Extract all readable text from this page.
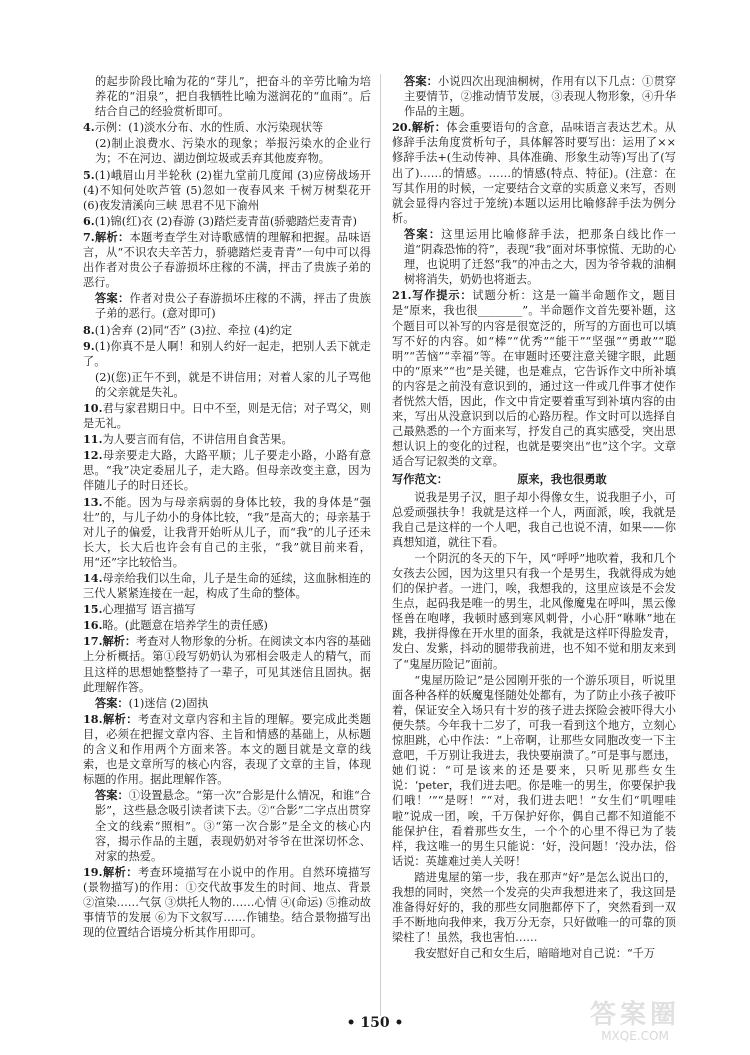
的起步阶段比喻为花的“芽儿”，把奋斗的辛劳比喻为培养花的“泪泉”，把自我牺牲比喻为滋润花的“血雨”。后结合自己的经验赏析即可。
4.示例：(1)淡水分布、水的性质、水污染现状等
(2)制止浪费水、污染水的现象；举报污染水的企业行为；不在河边、湖边倒垃圾或丢弃其他废弃物。
5.(1)峨眉山月半轮秋 (2)崔九堂前几度闻 (3)应傍战场开 (4)不知何处吹芦管 (5)忽如一夜春风来 千树万树梨花开 (6)夜发清溪向三峡 思君不见下渝州
6.(1)锦(红)衣 (2)春游 (3)踏烂麦青苗(骄骢踏烂麦青青)
7.解析：本题考查学生对诗歌感情的理解和把握。品味语言，从“不识农夫辛苦力，骄骢踏烂麦青青”一句中可以得出作者对贵公子春游损坏庄稼的不满，抨击了贵族子弟的恶行。
答案：作者对贵公子春游损坏庄稼的不满，抨击了贵族子弟的恶行。(意对即可)
8.(1)舍弃 (2)同“否” (3)拉、牵拉 (4)约定
9.(1)你真不是人啊！和别人约好一起走，把别人丢下就走了。
(2)(您)正午不到，就是不讲信用；对着人家的儿子骂他的父亲就是失礼。
10.君与家君期日中。日中不至，则是无信；对子骂父，则是无礼。
11.为人要言而有信，不讲信用自食苦果。
12.母亲要走大路，大路平顺；儿子要走小路，小路有意思。“我”决定委屈儿子，走大路。但母亲改变主意，因为伴随儿子的时日还长。
13.不能。因为与母亲病弱的身体比较，我的身体是“强壮”的，与儿子幼小的身体比较，“我”是高大的；母亲基于对儿子的偏爱，让我背开始听从儿子，而“我”的儿子还未长大，长大后也许会有自己的主张，“我”就目前来看，用“还”字比较恰当。
14.母亲给我们以生命，儿子是生命的延续，这血脉相连的三代人紧紧连接在一起，构成了生命的整体。
15.心理描写 语言描写
16.略。(此题意在培养学生的责任感)
17.解析：考查对人物形象的分析。在阅读文本内容的基础上分析概括。第①段写奶奶认为邪相会吸走人的精气，而且这样的思想她整整持了一辈子，可见其迷信且固执。据此理解作答。
答案：(1)迷信 (2)固执
18.解析：考查对文章内容和主旨的理解。要完成此类题目，必须在把握文章内容、主旨和情感的基础上，从标题的含义和作用两个方面来答。本文的题目就是文章的线索，也是文章所写的核心内容，表现了文章的主旨，体现标题的作用。据此理解作答。
答案：①设置悬念。“第一次”合影是什么情况，和谁“合影”，这些悬念吸引读者读下去。②“合影”二字点出贯穿全文的线索“照相”。③“第一次合影”是全文的核心内容，揭示作品的主题，表现奶奶对爷爷在世深切怀念、对家的热爱。
19.解析：考查环境描写在小说中的作用。自然环境描写(景物描写)的作用：①交代故事发生的时间、地点、背景 ②渲染……气氛 ③烘托人物的……心情 ④(命运) ⑤推动故事情节的发展 ⑥为下文叙写……作铺垫。结合景物描写出现的位置结合语境分析其作用即可。
答案：小说四次出现油桐树，作用有以下几点：①贯穿主要情节，②推动情节发展，③表现人物形象，④升华作品的主题。
20.解析：体会重要语句的含意，品味语言表达艺术。从修辞手法角度赏析句子，具体解答时要写出：运用了××修辞手法+(生动传神、具体准确、形象生动等)写出了(写出了)……的情感。……的情感(特点、特征)。(注意：在写其作用的时候，一定要结合文章的实质意义来写，否则就会显得内容过于笼统)本题以运用比喻修辞手法为例分析。
答案：这里运用比喻修辞手法，把那条白线比作一道“阴森恐怖的符”，表现“我”面对坏事惊慌、无助的心理，也说明了迁怒“我”的冲击之大，因为爷爷栽的油桐树将消失，奶奶也将逝去。
21.写作提示：试题分析：这是一篇半命题作文，题目是“原来，我也很________”。半命题作文首先要补题，这个题目可以补写的内容是很宽泛的，所写的方面也可以填写不好的内容。如“棒”“优秀”“能干”“坚强”“勇敢”“聪明”“苦恼”“幸福”等。在审题时还要注意关键字眼，此题中的“原来”“也”是关键，也是难点，它告诉作文中所补填的内容是之前没有意识到的，通过这一件或几件事才使作者恍然大悟，因此，作文中肯定要着重写到补填内容的由来，写出从没意识到以后的心路历程。作文时可以选择自己最熟悉的一个方面来写，抒发自己的真实感受，突出思想认识上的变化的过程，也就是要突出“也”这个字。文章适合写记叙类的文章。
写作范文：	原来，我也很勇敢

说我是男子汉，胆子却小得像女生，说我胆子小，可总爱顽强扶争！我就是这样一个人，两面派，唉，我就是我自己是这样的一个人吧，我自己也说不清，如果——你真想知道，就往下看。

一个阴沉的冬天的下午，风“呼呼”地吹着，我和几个女孩去公园，因为这里只有我一个是男生，我就得成为她们的保护者。一进门，唉，我想我的，这里应该是不会发生点，起码我是唯一的男生，北风像魔鬼在呼叫，黑云像怪兽在咆哮，我顿时感到寒风刺骨，小心肝“咻咻”地在跳，我拼得像在开水里的面条，我就是这样吓得脸发青，发白、发紫，抖动的腿带我前进，也不知不觉和朋友来到了“鬼屋历险记”面前。

“鬼屋历险记”是公园刚开张的一个游乐项目，听说里面各种各样的妖魔鬼怪随处处都有，为了防止小孩子被吓着，保证安全入场只有十岁的孩子进去探险会被吓得大小便失禁。今年我十二岁了，可我一看到这个地方，立刻心惊胆跳，心中作法：“上帝啊，让那些女同胞改变一下主意吧，千万别让我进去，我快要崩溃了。”可是事与愿违，她们说：“可是该来的还是要来，只听见那些女生说：‘peter，我们进去吧。你是唯一的男生，你要保护我们哦！’”“是呀！”“对，我们进去吧！”女生们“叽哩哇啦”说成一团，唉，千万保护好你，偶自己都不知道能不能保护住，看着那些女生，一个个的心里不得已为了装样，我这唯一的男生只能说：‘好，没问题！’没办法，俗话说：英雄难过美人关呀！

踏进鬼屋的第一步，我在那声“好”是怎么说出口的，我想的同时，突然一个发亮的尖声我想进来了，我这回是准备得好好的，我的那些女同胞都停下了，突然看到一双手不断地向我伸来，我万分无奈，只好做唯一的可靠的顶梁柱了！虽然，我也害怕……

我安慰好自己和女生后，暗暗地对自己说：“千万

• 150 •	答案圈
MXQE.COM
